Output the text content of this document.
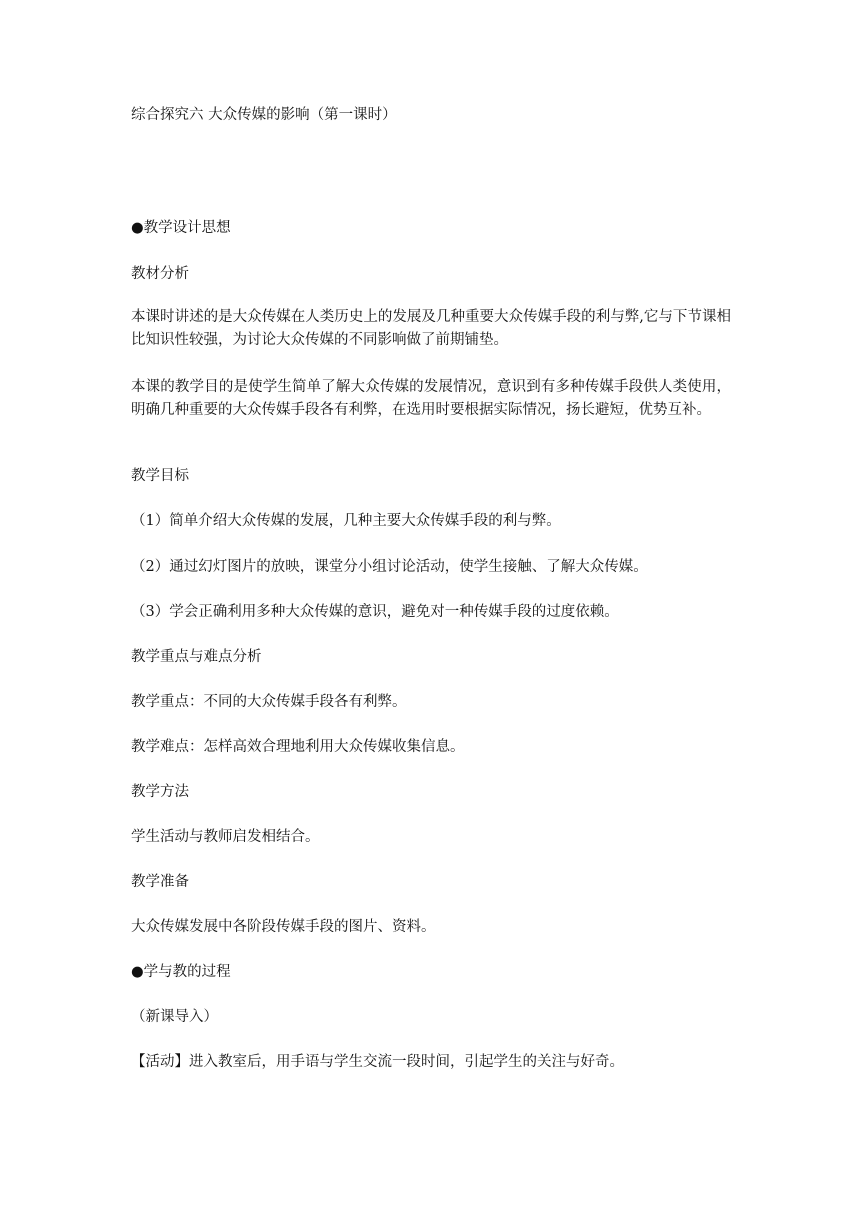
综合探究六 大众传媒的影响（第一课时）
●教学设计思想
教材分析
本课时讲述的是大众传媒在人类历史上的发展及几种重要大众传媒手段的利与弊,它与下节课相比知识性较强，为讨论大众传媒的不同影响做了前期铺垫。
本课的教学目的是使学生简单了解大众传媒的发展情况，意识到有多种传媒手段供人类使用，明确几种重要的大众传媒手段各有利弊，在选用时要根据实际情况，扬长避短，优势互补。
教学目标
（1）简单介绍大众传媒的发展，几种主要大众传媒手段的利与弊。
（2）通过幻灯图片的放映，课堂分小组讨论活动，使学生接触、了解大众传媒。
（3）学会正确利用多种大众传媒的意识，避免对一种传媒手段的过度依赖。
教学重点与难点分析
教学重点：不同的大众传媒手段各有利弊。
教学难点：怎样高效合理地利用大众传媒收集信息。
教学方法
学生活动与教师启发相结合。
教学准备
大众传媒发展中各阶段传媒手段的图片、资料。
●学与教的过程
（新课导入）
【活动】进入教室后，用手语与学生交流一段时间，引起学生的关注与好奇。
